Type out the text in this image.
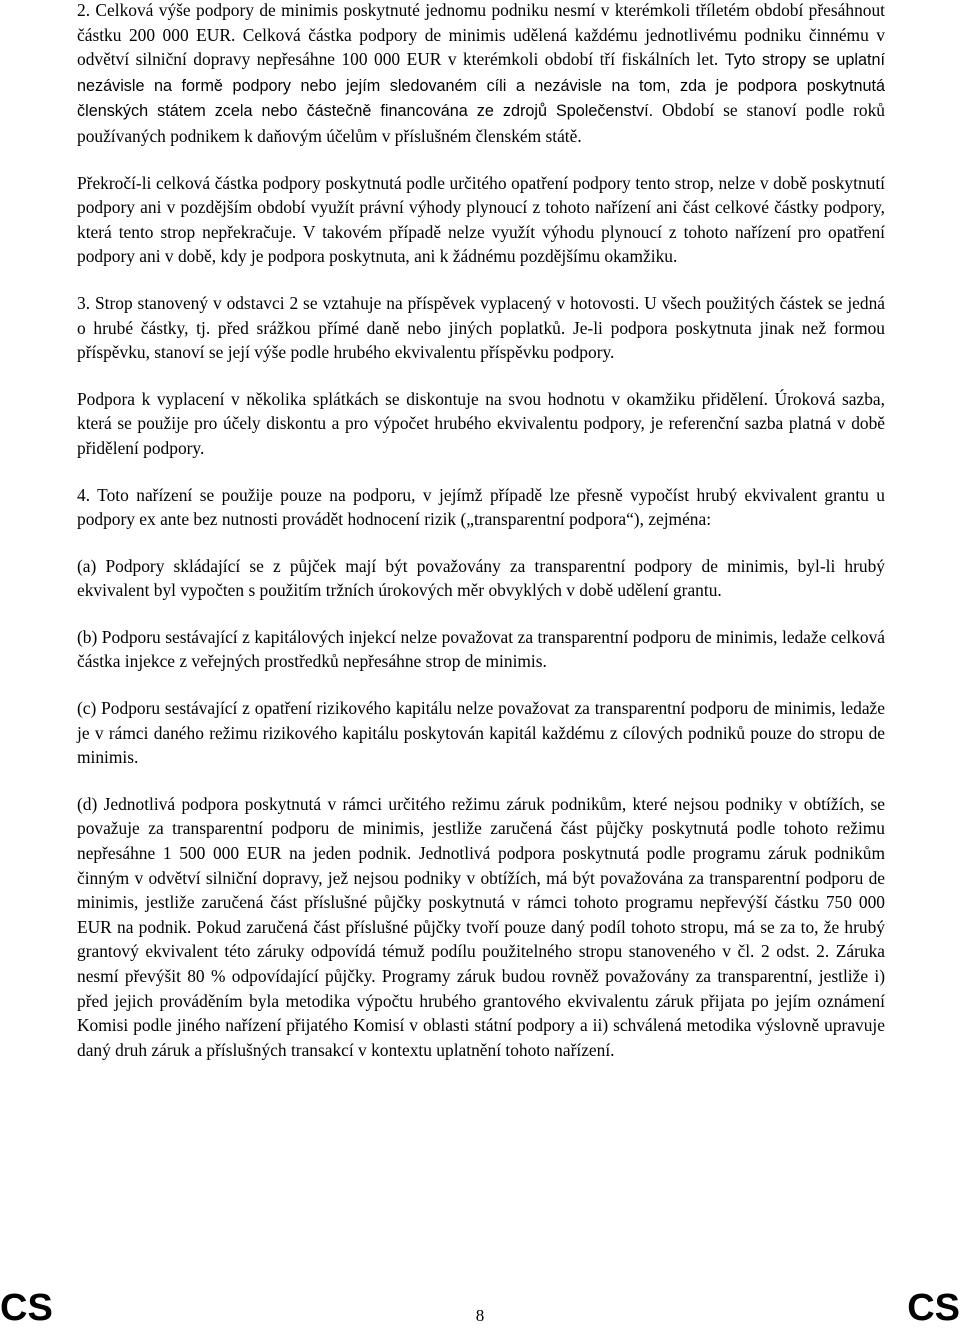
2. Celková výše podpory de minimis poskytnuté jednomu podniku nesmí v kterémkoli tříletém období přesáhnout částku 200 000 EUR. Celková částka podpory de minimis udělená každému jednotlivému podniku činnému v odvětví silniční dopravy nepřesáhne 100 000 EUR v kterémkoli období tří fiskálních let. Tyto stropy se uplatní nezávisle na formě podpory nebo jejím sledovaném cíli a nezávisle na tom, zda je podpora poskytnutá členských státem zcela nebo částečně financována ze zdrojů Společenství. Období se stanoví podle roků používaných podnikem k daňovým účelům v příslušném členském státě.

Překročí-li celková částka podpory poskytnutá podle určitého opatření podpory tento strop, nelze v době poskytnutí podpory ani v pozdějším období využít právní výhody plynoucí z tohoto nařízení ani část celkové částky podpory, která tento strop nepřekračuje. V takovém případě nelze využít výhodu plynoucí z tohoto nařízení pro opatření podpory ani v době, kdy je podpora poskytnuta, ani k žádnému pozdějšímu okamžiku.

3. Strop stanovený v odstavci 2 se vztahuje na příspěvek vyplacený v hotovosti. U všech použitých částek se jedná o hrubé částky, tj. před srážkou přímé daně nebo jiných poplatků. Je-li podpora poskytnuta jinak než formou příspěvku, stanoví se její výše podle hrubého ekvivalentu příspěvku podpory.

Podpora k vyplacení v několika splátkách se diskontuje na svou hodnotu v okamžiku přidělení. Úroková sazba, která se použije pro účely diskontu a pro výpočet hrubého ekvivalentu podpory, je referenční sazba platná v době přidělení podpory.

4. Toto nařízení se použije pouze na podporu, v jejímž případě lze přesně vypočíst hrubý ekvivalent grantu u podpory ex ante bez nutnosti provádět hodnocení rizik („transparentní podpora“), zejména:

(a) Podpory skládající se z půjček mají být považovány za transparentní podpory de minimis, byl-li hrubý ekvivalent byl vypočten s použitím tržních úrokových měr obvyklých v době udělení grantu.

(b) Podporu sestávající z kapitálových injekcí nelze považovat za transparentní podporu de minimis, ledaže celková částka injekce z veřejných prostředků nepřesáhne strop de minimis.

(c) Podporu sestávající z opatření rizikového kapitálu nelze považovat za transparentní podporu de minimis, ledaže je v rámci daného režimu rizikového kapitálu poskytován kapitál každému z cílových podniků pouze do stropu de minimis.

(d) Jednotlivá podpora poskytnutá v rámci určitého režimu záruk podnikům, které nejsou podniky v obtížích, se považuje za transparentní podporu de minimis, jestliže zaručená část půjčky poskytnutá podle tohoto režimu nepřesáhne 1 500 000 EUR na jeden podnik. Jednotlivá podpora poskytnutá podle programu záruk podnikům činným v odvětví silniční dopravy, jež nejsou podniky v obtížích, má být považována za transparentní podporu de minimis, jestliže zaručená část příslušné půjčky poskytnutá v rámci tohoto programu nepřevýší částku 750 000 EUR na podnik. Pokud zaručená část příslušné půjčky tvoří pouze daný podíl tohoto stropu, má se za to, že hrubý grantový ekvivalent této záruky odpovídá témuž podílu použitelného stropu stanoveného v čl. 2 odst. 2. Záruka nesmí převýšit 80 % odpovídající půjčky. Programy záruk budou rovněž považovány za transparentní, jestliže i) před jejich prováděním byla metodika výpočtu hrubého grantového ekvivalentu záruk přijata po jejím oznámení Komisi podle jiného nařízení přijatého Komisí v oblasti státní podpory a ii) schválená metodika výslovně upravuje daný druh záruk a příslušných transakcí v kontextu uplatnění tohoto nařízení.

CS	8	CS
